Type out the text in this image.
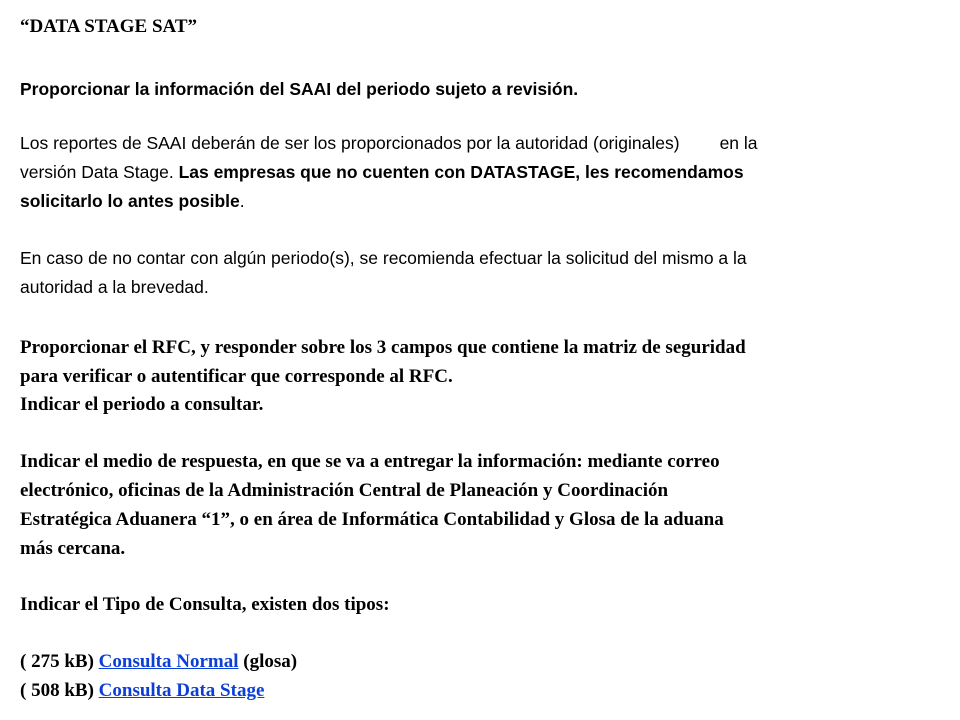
“DATA STAGE SAT”
Proporcionar la información del SAAI del periodo sujeto a revisión.
Los reportes de SAAI deberán de ser los proporcionados por la autoridad (originales) en la
versión Data Stage. Las empresas que no cuenten con DATASTAGE, les recomendamos
solicitarlo lo antes posible.
En caso de no contar con algún periodo(s), se recomienda efectuar la solicitud del mismo a la
autoridad a la brevedad.
Proporcionar el RFC, y responder sobre los 3 campos que contiene la matriz de seguridad
para verificar o autentificar que corresponde al RFC.
Indicar el periodo a consultar.
Indicar el medio de respuesta, en que se va a entregar la información: mediante correo
electrónico, oficinas de la Administración Central de Planeación y Coordinación
Estratégica Aduanera “1”, o en área de Informática Contabilidad y Glosa de la aduana
más cercana.
Indicar el Tipo de Consulta, existen dos tipos:
( 275 kB) Consulta Normal (glosa)
( 508 kB) Consulta Data Stage
